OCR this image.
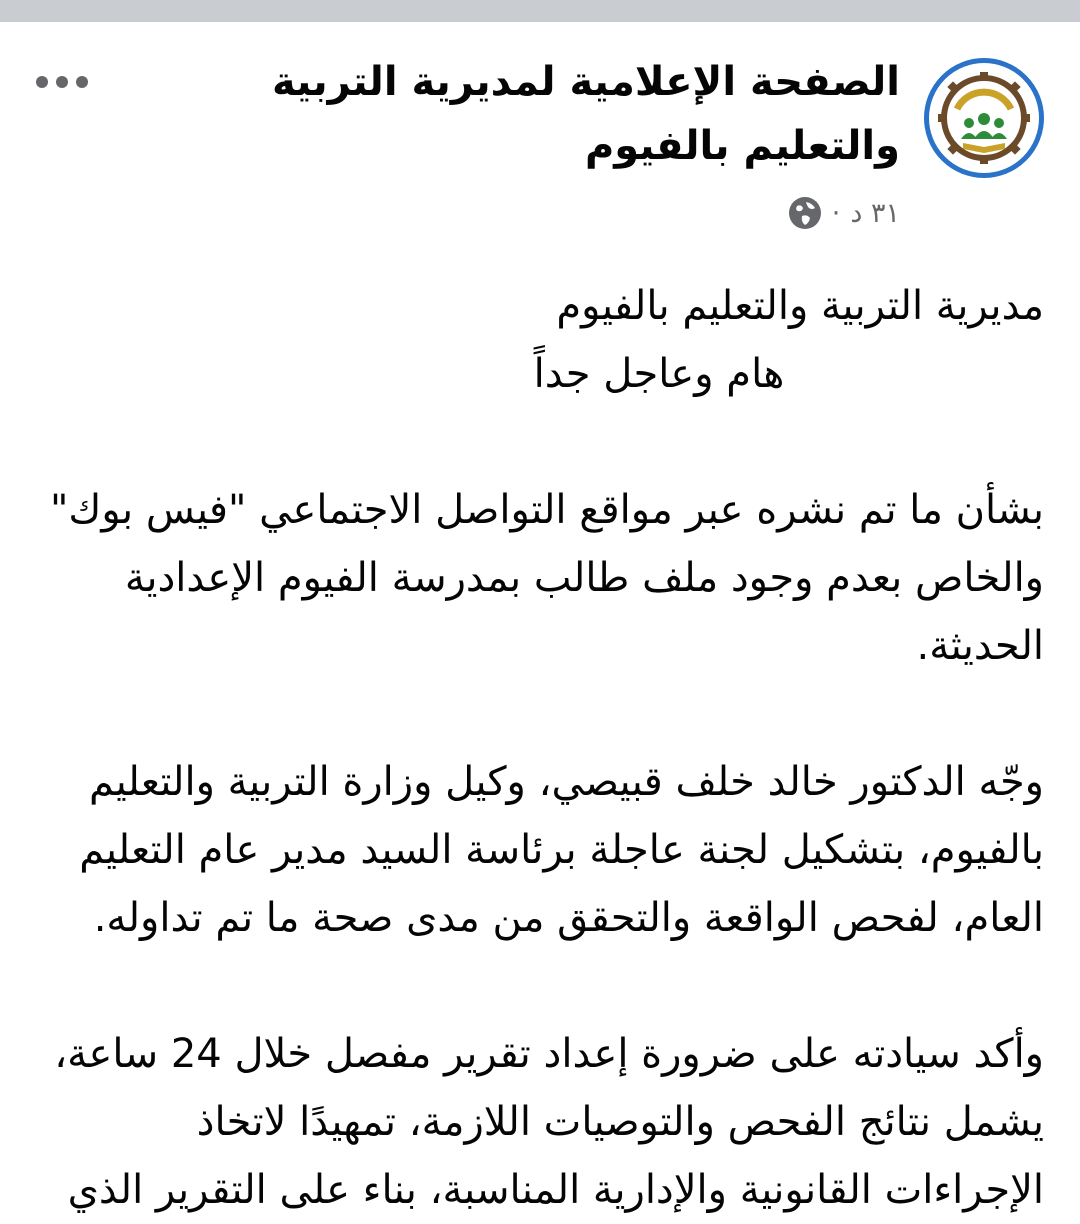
الصفحة الإعلامية لمديرية التربية والتعليم بالفيوم
٣١ د
·

مديرية التربية والتعليم بالفيوم

هام وعاجل جداً

بشأن ما تم نشره عبر مواقع التواصل الاجتماعي "فيس بوك" والخاص بعدم وجود ملف طالب بمدرسة الفيوم الإعدادية الحديثة.

وجّه الدكتور خالد خلف قبيصي، وكيل وزارة التربية والتعليم بالفيوم، بتشكيل لجنة عاجلة برئاسة السيد مدير عام التعليم العام، لفحص الواقعة والتحقق من مدى صحة ما تم تداوله.

وأكد سيادته على ضرورة إعداد تقرير مفصل خلال 24 ساعة، يشمل نتائج الفحص والتوصيات اللازمة، تمهيدًا لاتخاذ الإجراءات القانونية والإدارية المناسبة، بناء على التقرير الذي
